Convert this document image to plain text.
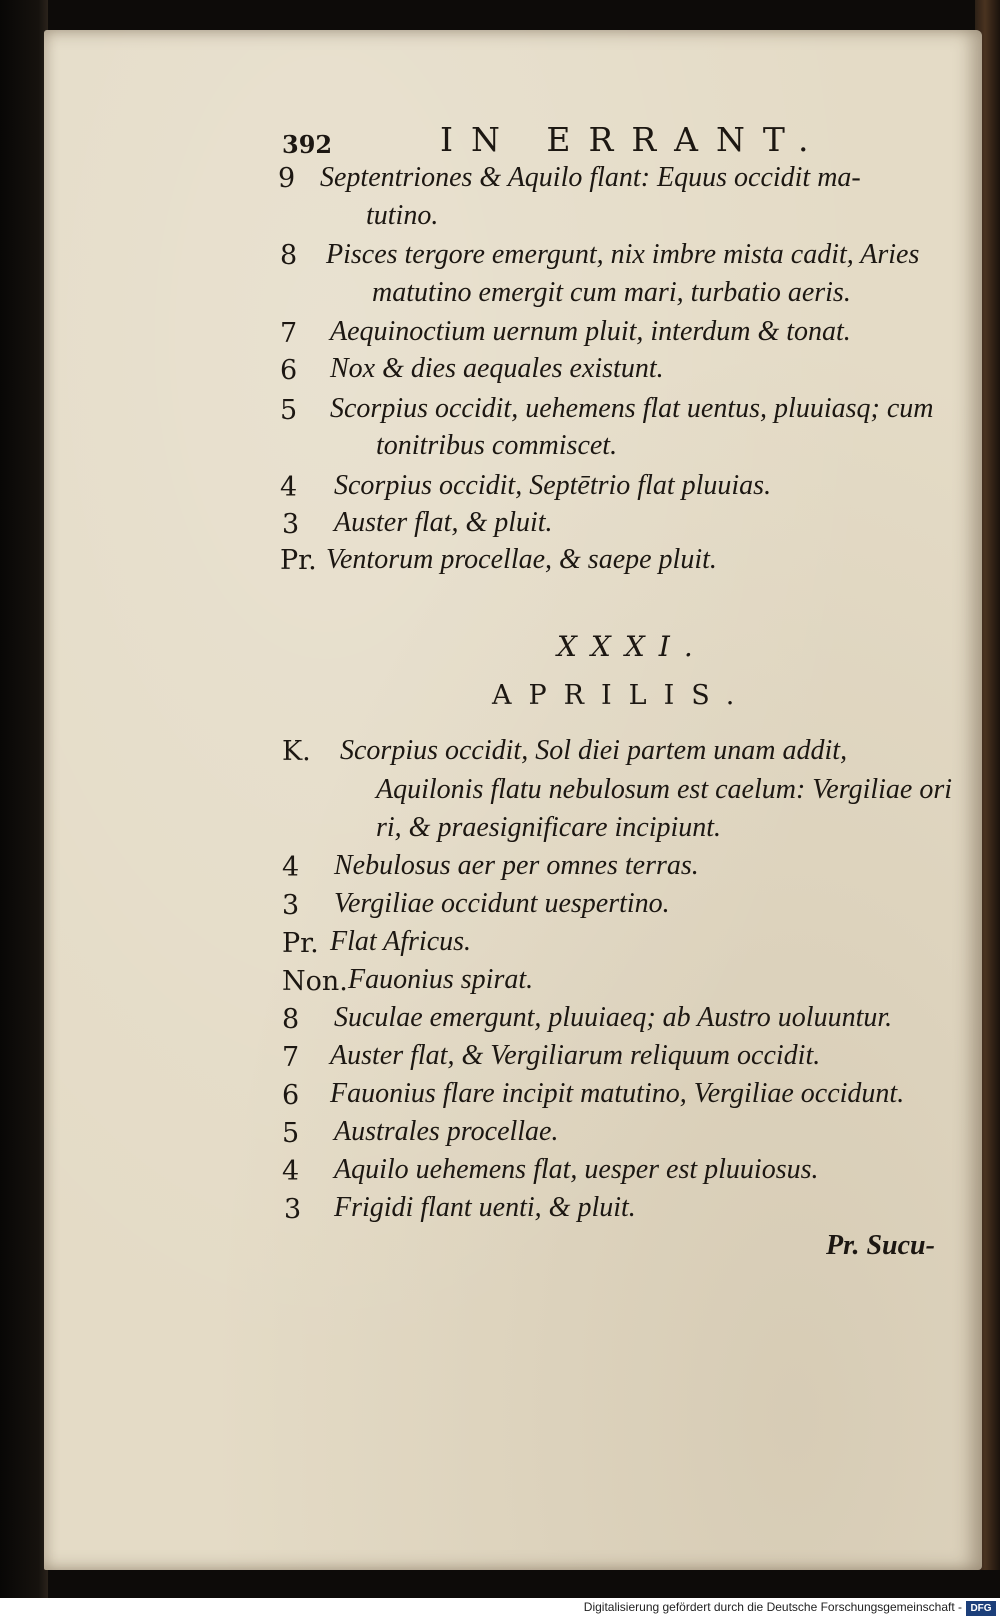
392	IN ERRANT.
9 Septentriones & Aquilo flant: Equus occidit ma-
tutino.
8 Pisces tergore emergunt, nix imbre mista cadit, Aries
matutino emergit cum mari, turbatio aeris.
7 Aequinoctium uernum pluit, interdum & tonat.
6 Nox & dies aequales existunt.
5 Scorpius occidit, uehemens flat uentus, pluuiasq; cum
tonitribus commiscet.
4 Scorpius occidit, Septētrio flat pluuias.
3 Auster flat, & pluit.
Pr. Ventorum procellae, & saepe pluit.
XXXI.
APRILIS.
K. Scorpius occidit, Sol diei partem unam addit,
Aquilonis flatu nebulosum est caelum: Vergiliae ori
ri, & praesignificare incipiunt.
4 Nebulosus aer per omnes terras.
3 Vergiliae occidunt uespertino.
Pr. Flat Africus.
Non. Fauonius spirat.
8 Suculae emergunt, pluuiaeq; ab Austro uoluuntur.
7 Auster flat, & Vergiliarum reliquum occidit.
6 Fauonius flare incipit matutino, Vergiliae occidunt.
5 Australes procellae.
4 Aquilo uehemens flat, uesper est pluuiosus.
3 Frigidi flant uenti, & pluit.
Pr. Sucu-
Digitalisierung gefördert durch die Deutsche Forschungsgemeinschaft - DFG
